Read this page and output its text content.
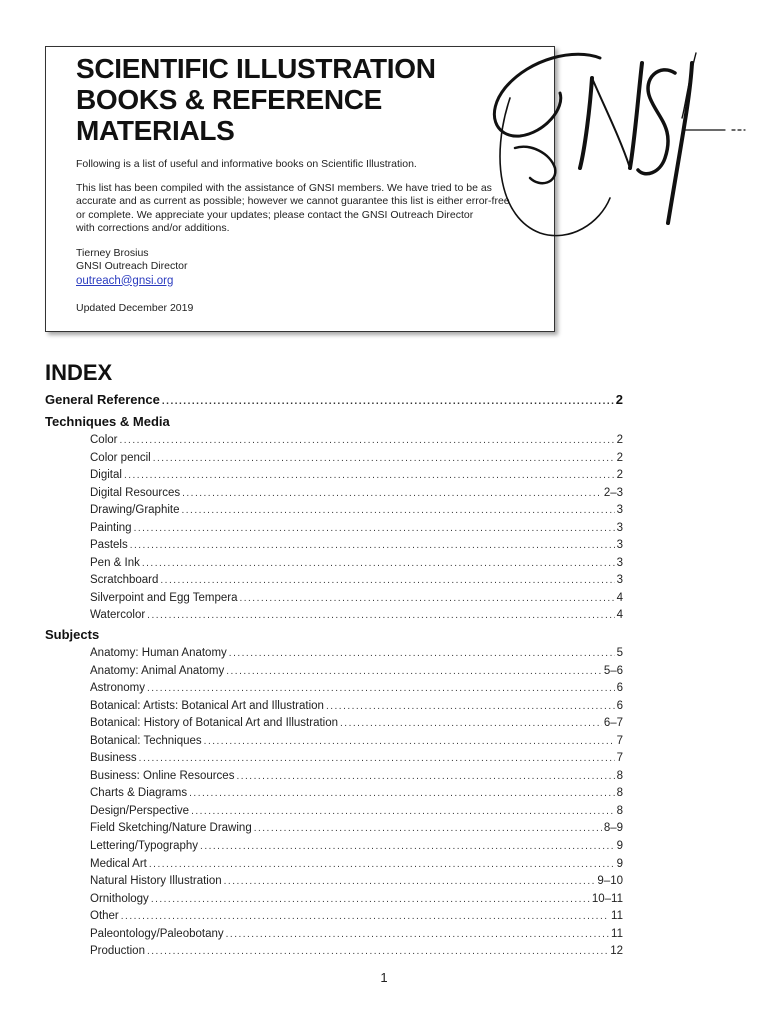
SCIENTIFIC ILLUSTRATION
BOOKS & REFERENCE
MATERIALS

Following is a list of useful and informative books on Scientific Illustration.

This list has been compiled with the assistance of GNSI members. We have tried to be as

accurate and as current as possible; however we cannot guarantee this list is either error-free

or complete. We appreciate your updates; please contact the GNSI Outreach Director

with corrections and/or additions.

Tierney Brosius
GNSI Outreach Director
outreach@gnsi.org
Updated December 2019
INDEX
General Reference .....	2
Techniques & Media
Color .....	2
Color pencil .....	2
Digital .....	2
Digital Resources .....	2–3
Drawing/Graphite .....	3
Painting .....	3
Pastels .....	3
Pen & Ink .....	3
Scratchboard .....	3
Silverpoint and Egg Tempera .....	4
Watercolor .....	4
Subjects
Anatomy: Human Anatomy .....	5
Anatomy: Animal Anatomy .....	5–6
Astronomy .....	6
Botanical: Artists: Botanical Art and Illustration .....	6
Botanical: History of Botanical Art and Illustration .....	6–7
Botanical: Techniques .....	7
Business .....	7
Business: Online Resources .....	8
Charts & Diagrams .....	8
Design/Perspective .....	8
Field Sketching/Nature Drawing .....	8–9
Lettering/Typography .....	9
Medical Art .....	9
Natural History Illustration .....	9–10
Ornithology .....	10–11
Other .....	11
Paleontology/Paleobotany .....	11
Production .....	12
1
